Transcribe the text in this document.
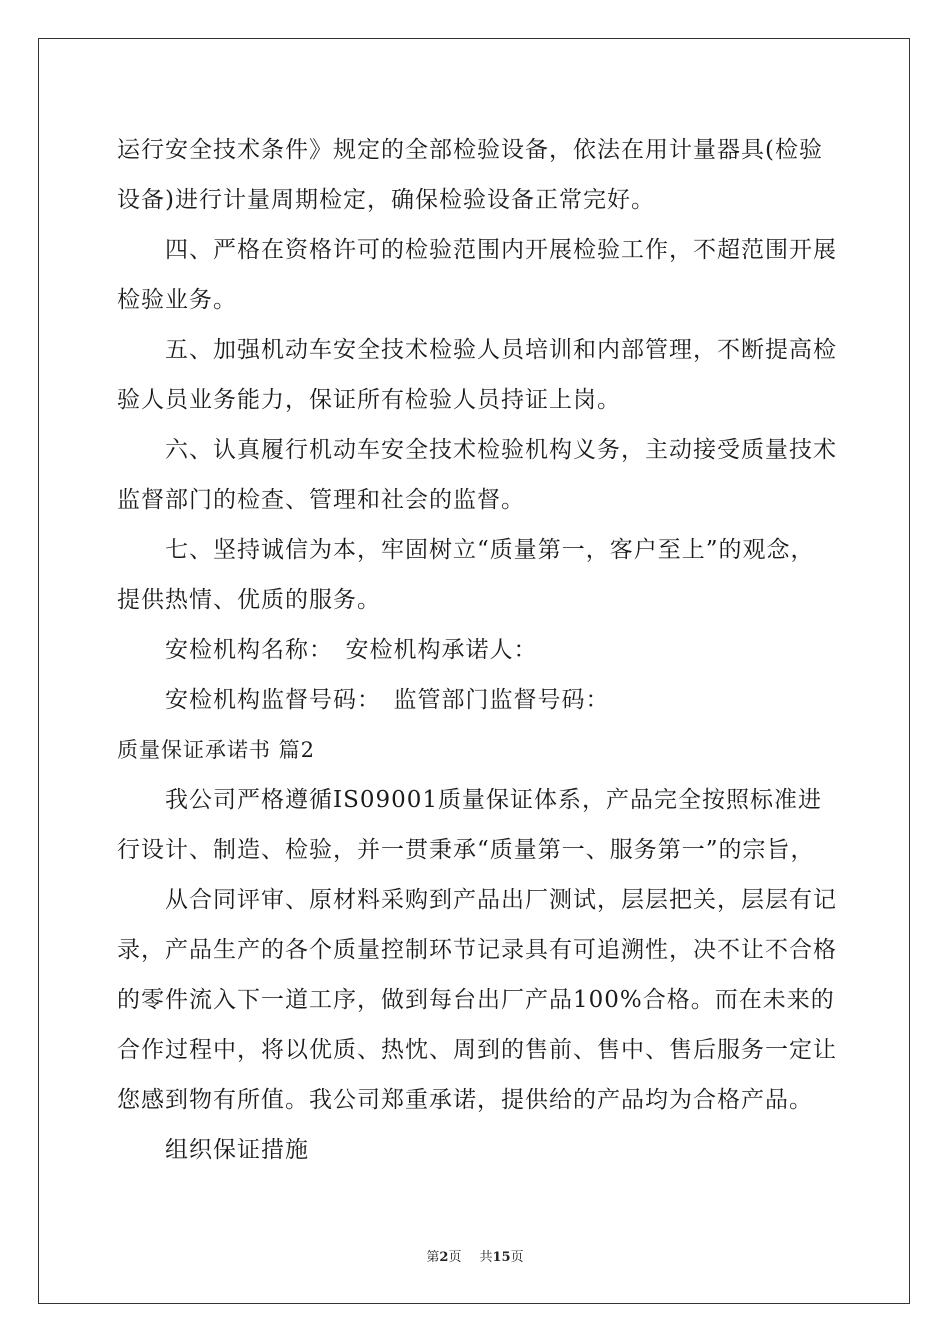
运行安全技术条件》规定的全部检验设备，依法在用计量器具(检验设备)进行计量周期检定，确保检验设备正常完好。

四、严格在资格许可的检验范围内开展检验工作，不超范围开展检验业务。

五、加强机动车安全技术检验人员培训和内部管理，不断提高检验人员业务能力，保证所有检验人员持证上岗。

六、认真履行机动车安全技术检验机构义务，主动接受质量技术监督部门的检查、管理和社会的监督。

七、坚持诚信为本，牢固树立“质量第一，客户至上”的观念，提供热情、优质的服务。

安检机构名称：　安检机构承诺人：

安检机构监督号码：　监管部门监督号码：

质量保证承诺书 篇2

我公司严格遵循IS09001质量保证体系，产品完全按照标准进行设计、制造、检验，并一贯秉承“质量第一、服务第一”的宗旨，

从合同评审、原材料采购到产品出厂测试，层层把关，层层有记录，产品生产的各个质量控制环节记录具有可追溯性，决不让不合格的零件流入下一道工序，做到每台出厂产品100%合格。而在未来的合作过程中，将以优质、热忱、周到的售前、售中、售后服务一定让您感到物有所值。我公司郑重承诺，提供给的产品均为合格产品。

组织保证措施

第2页 共15页
